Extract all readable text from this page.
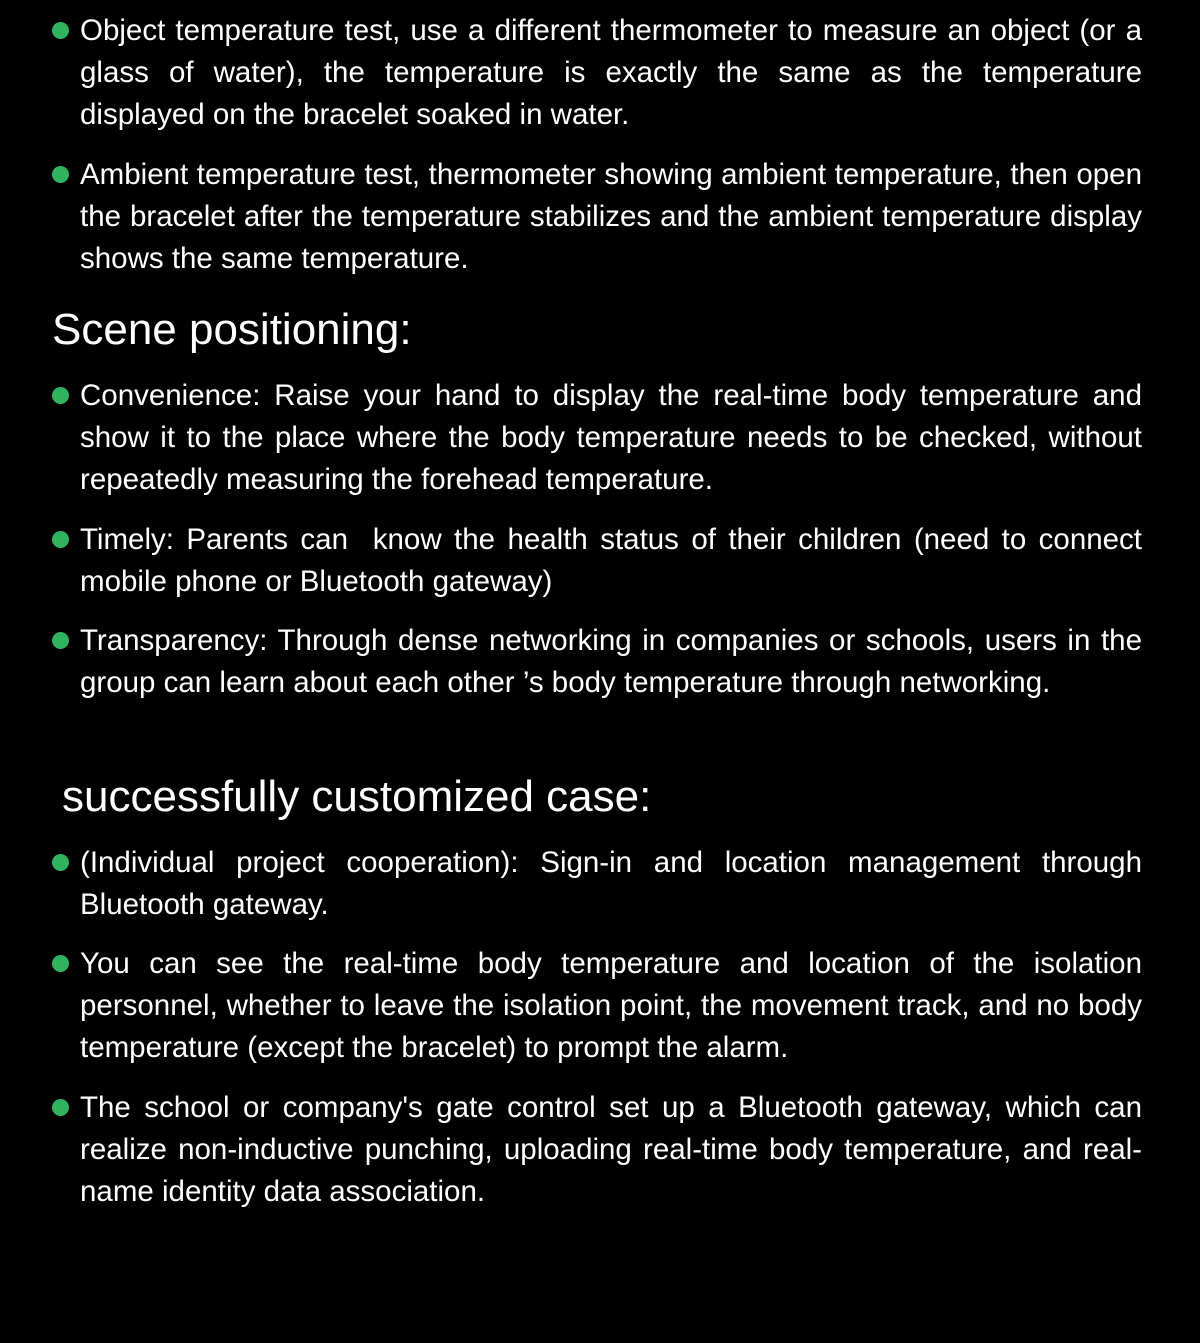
Object temperature test, use a different thermometer to measure an object (or a glass of water), the temperature is exactly the same as the temperature displayed on the bracelet soaked in water.
Ambient temperature test, thermometer showing ambient temperature, then open the bracelet after the temperature stabilizes and the ambient temperature display shows the same temperature.
Scene positioning:
Convenience: Raise your hand to display the real-time body temperature and show it to the place where the body temperature needs to be checked, without repeatedly measuring the forehead temperature.
Timely: Parents can  know the health status of their children (need to connect mobile phone or Bluetooth gateway)
Transparency: Through dense networking in companies or schools, users in the group can learn about each other ’s body temperature through networking.
successfully customized case:
(Individual project cooperation): Sign-in and location management through Bluetooth gateway.
You can see the real-time body temperature and location of the isolation personnel, whether to leave the isolation point, the movement track, and no body temperature (except the bracelet) to prompt the alarm.
The school or company's gate control set up a Bluetooth gateway, which can realize non-inductive punching, uploading real-time body temperature, and real-name identity data association.
